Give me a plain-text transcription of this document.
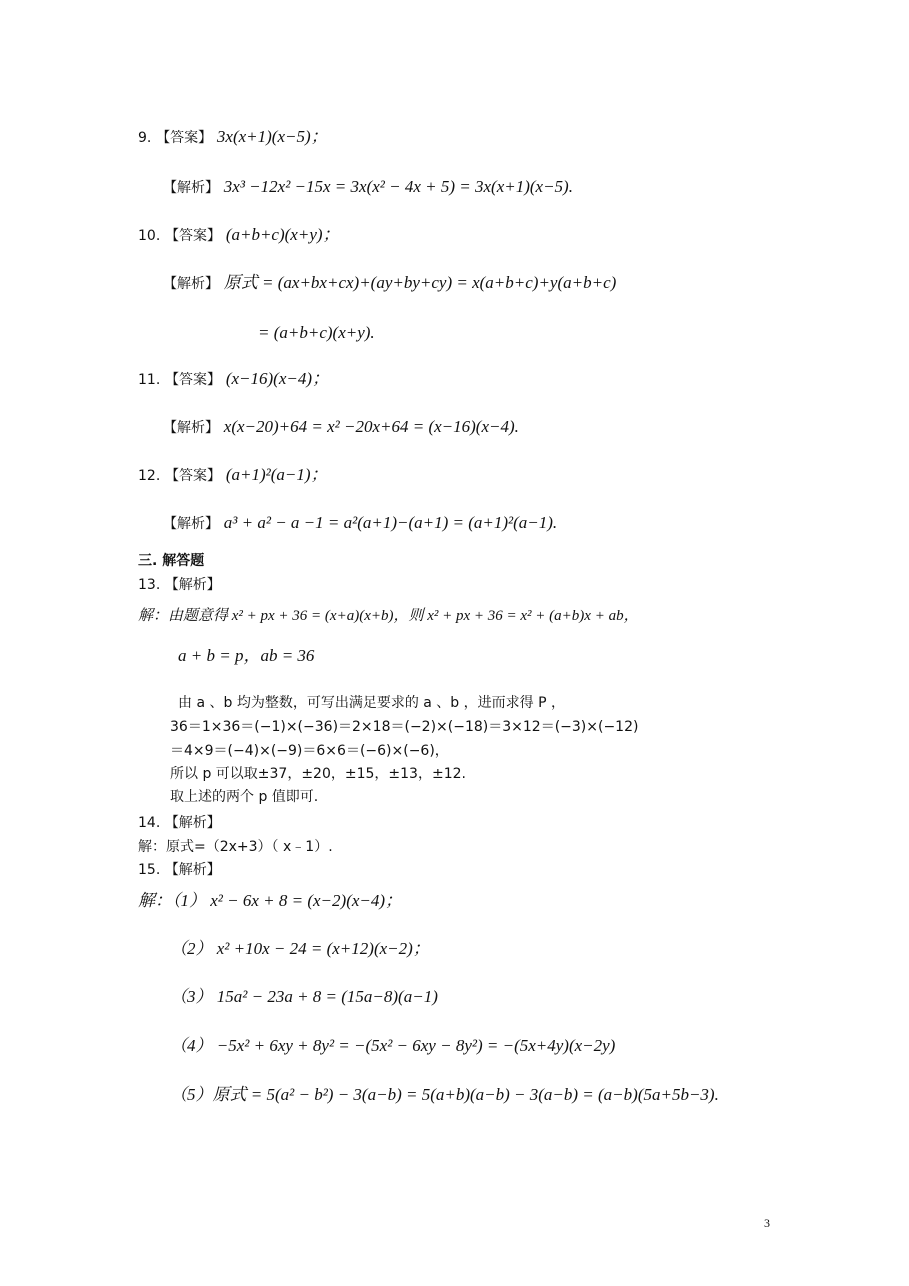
9. 【答案】 3x(x+1)(x−5)；
【解析】 3x³ −12x² −15x = 3x(x² − 4x + 5) = 3x(x+1)(x−5).
10. 【答案】 (a+b+c)(x+y)；
【解析】 原式 = (ax+bx+cx)+(ay+by+cy) = x(a+b+c)+y(a+b+c)
= (a+b+c)(x+y).
11. 【答案】 (x−16)(x−4)；
【解析】 x(x−20)+64 = x² −20x+64 = (x−16)(x−4).
12. 【答案】 (a+1)²(a−1)；
【解析】 a³ + a² − a −1 = a²(a+1)−(a+1) = (a+1)²(a−1).
三. 解答题
13. 【解析】
解：由题意得 x² + px + 36 = (x+a)(x+b)，则 x² + px + 36 = x² + (a+b)x + ab，
a + b = p，ab = 36
由 a 、b 均为整数，可写出满足要求的 a 、b ，进而求得 P ，
36＝1×36＝(−1)×(−36)＝2×18＝(−2)×(−18)＝3×12＝(−3)×(−12)
＝4×9＝(−4)×(−9)＝6×6＝(−6)×(−6)，
所以 p 可以取±37，±20，±15，±13，±12.
取上述的两个 p 值即可.
14. 【解析】
解：原式=（2x+3）（ x﹣1）.
15. 【解析】
解：（1） x² − 6x + 8 = (x−2)(x−4)；
（2） x² +10x − 24 = (x+12)(x−2)；
（3） 15a² − 23a + 8 = (15a−8)(a−1)
（4） −5x² + 6xy + 8y² = −(5x² − 6xy − 8y²) = −(5x+4y)(x−2y)
（5）原式 = 5(a² − b²) − 3(a−b) = 5(a+b)(a−b) − 3(a−b) = (a−b)(5a+5b−3).
3
